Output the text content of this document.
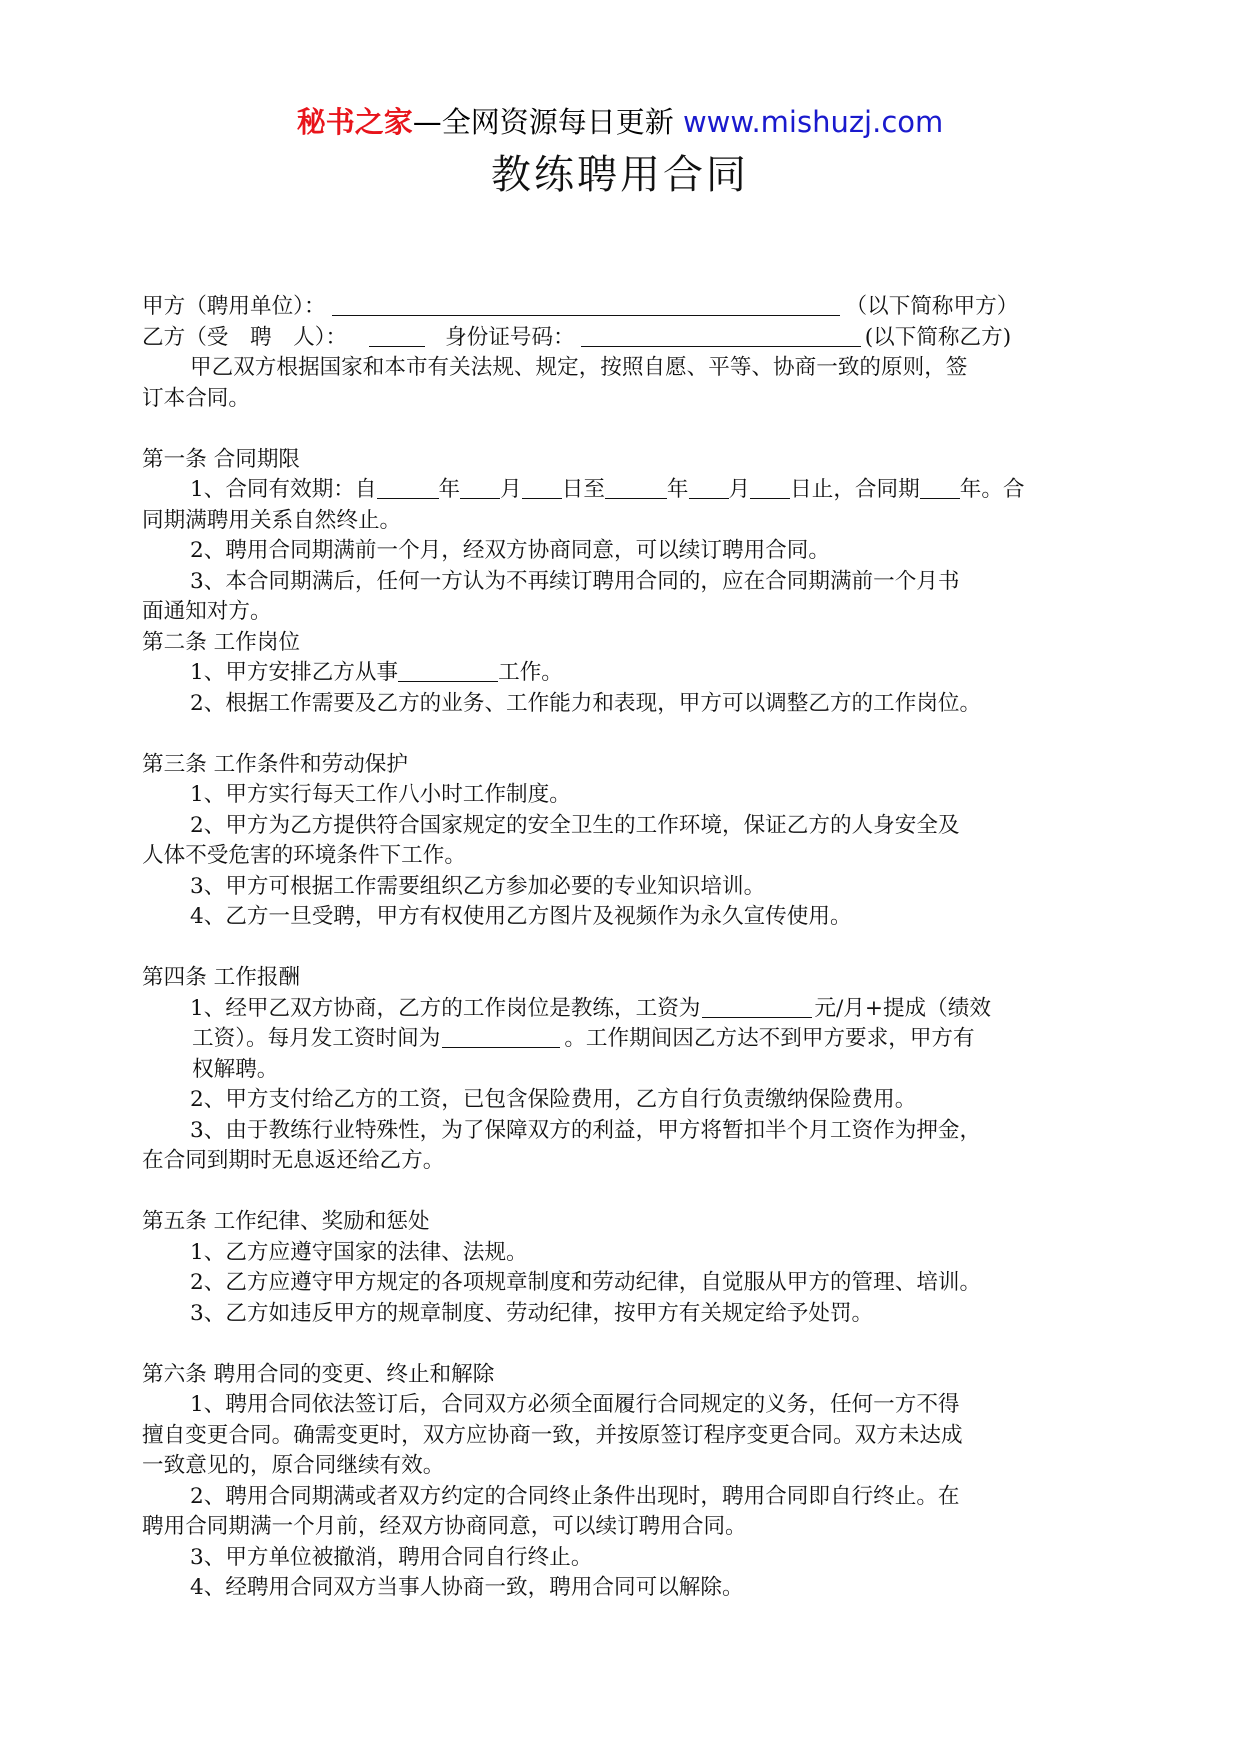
秘书之家—全网资源每日更新 www.mishuzj.com
教练聘用合同
甲方（聘用单位）：	（以下简称甲方）
乙方（受　聘　人）：	身份证号码：	(以下简称乙方)
甲乙双方根据国家和本市有关法规、规定，按照自愿、平等、协商一致的原则，签
订本合同。
第一条 合同期限
1、合同有效期：自	年 月 日至	年 月 日止，合同期 年。合
同期满聘用关系自然终止。
2、聘用合同期满前一个月，经双方协商同意，可以续订聘用合同。
3、本合同期满后，任何一方认为不再续订聘用合同的，应在合同期满前一个月书
面通知对方。
第二条 工作岗位
1、甲方安排乙方从事	工作。
2、根据工作需要及乙方的业务、工作能力和表现，甲方可以调整乙方的工作岗位。
第三条 工作条件和劳动保护
1、甲方实行每天工作八小时工作制度。
2、甲方为乙方提供符合国家规定的安全卫生的工作环境，保证乙方的人身安全及
人体不受危害的环境条件下工作。
3、甲方可根据工作需要组织乙方参加必要的专业知识培训。
4、乙方一旦受聘，甲方有权使用乙方图片及视频作为永久宣传使用。
第四条 工作报酬
1、经甲乙双方协商，乙方的工作岗位是教练，工资为	元/月+提成（绩效
工资）。每月发工资时间为	。工作期间因乙方达不到甲方要求，甲方有
权解聘。
2、甲方支付给乙方的工资，已包含保险费用，乙方自行负责缴纳保险费用。
3、由于教练行业特殊性，为了保障双方的利益，甲方将暂扣半个月工资作为押金，
在合同到期时无息返还给乙方。
第五条 工作纪律、奖励和惩处
1、乙方应遵守国家的法律、法规。
2、乙方应遵守甲方规定的各项规章制度和劳动纪律，自觉服从甲方的管理、培训。
3、乙方如违反甲方的规章制度、劳动纪律，按甲方有关规定给予处罚。
第六条 聘用合同的变更、终止和解除
1、聘用合同依法签订后，合同双方必须全面履行合同规定的义务，任何一方不得
擅自变更合同。确需变更时，双方应协商一致，并按原签订程序变更合同。双方未达成
一致意见的，原合同继续有效。
2、聘用合同期满或者双方约定的合同终止条件出现时，聘用合同即自行终止。在
聘用合同期满一个月前，经双方协商同意，可以续订聘用合同。
3、甲方单位被撤消，聘用合同自行终止。
4、经聘用合同双方当事人协商一致，聘用合同可以解除。
